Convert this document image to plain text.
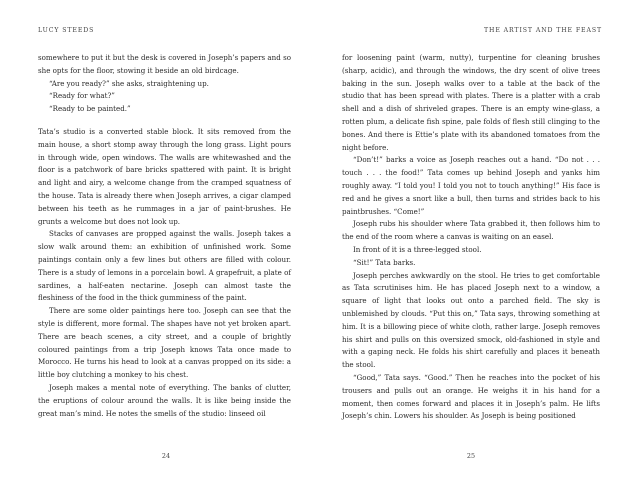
LUCY STEEDS

somewhere to put it but the desk is covered in Joseph’s papers and so she opts for the floor, stowing it beside an old birdcage.

“Are you ready?” she asks, straightening up.

“Ready for what?”

“Ready to be painted.”

Tata’s studio is a converted stable block. It sits removed from the main house, a short stomp away through the long grass. Light pours in through wide, open windows. The walls are whitewashed and the floor is a patchwork of bare bricks spattered with paint. It is bright and light and airy, a welcome change from the cramped squatness of the house. Tata is already there when Joseph arrives, a cigar clamped between his teeth as he rummages in a jar of paint-brushes. He grunts a welcome but does not look up.

Stacks of canvases are propped against the walls. Joseph takes a slow walk around them: an exhibition of unfinished work. Some paintings contain only a few lines but others are filled with colour. There is a study of lemons in a porcelain bowl. A grapefruit, a plate of sardines, a half-eaten nectarine. Joseph can almost taste the fleshiness of the food in the thick gumminess of the paint.

There are some older paintings here too. Joseph can see that the style is different, more formal. The shapes have not yet broken apart. There are beach scenes, a city street, and a couple of brightly coloured paintings from a trip Joseph knows Tata once made to Morocco. He turns his head to look at a canvas propped on its side: a little boy clutching a monkey to his chest.

Joseph makes a mental note of everything. The banks of clutter, the eruptions of colour around the walls. It is like being inside the great man’s mind. He notes the smells of the studio: linseed oil

24
THE ARTIST AND THE FEAST

for loosening paint (warm, nutty), turpentine for cleaning brushes (sharp, acidic), and through the windows, the dry scent of olive trees baking in the sun. Joseph walks over to a table at the back of the studio that has been spread with plates. There is a platter with a crab shell and a dish of shriveled grapes. There is an empty wine-glass, a rotten plum, a delicate fish spine, pale folds of flesh still clinging to the bones. And there is Ettie’s plate with its abandoned tomatoes from the night before.

“Don’t!” barks a voice as Joseph reaches out a hand. “Do not . . . touch . . . the food!” Tata comes up behind Joseph and yanks him roughly away. “I told you! I told you not to touch anything!” His face is red and he gives a snort like a bull, then turns and strides back to his paintbrushes. “Come!”

Joseph rubs his shoulder where Tata grabbed it, then follows him to the end of the room where a canvas is waiting on an easel.

In front of it is a three-legged stool.

“Sit!” Tata barks.

Joseph perches awkwardly on the stool. He tries to get comfortable as Tata scrutinises him. He has placed Joseph next to a window, a square of light that looks out onto a parched field. The sky is unblemished by clouds. “Put this on,” Tata says, throwing something at him. It is a billowing piece of white cloth, rather large. Joseph removes his shirt and pulls on this oversized smock, old-fashioned in style and with a gaping neck. He folds his shirt carefully and places it beneath the stool.

“Good,” Tata says. “Good.” Then he reaches into the pocket of his trousers and pulls out an orange. He weighs it in his hand for a moment, then comes forward and places it in Joseph’s palm. He lifts Joseph’s chin. Lowers his shoulder. As Joseph is being positioned

25
